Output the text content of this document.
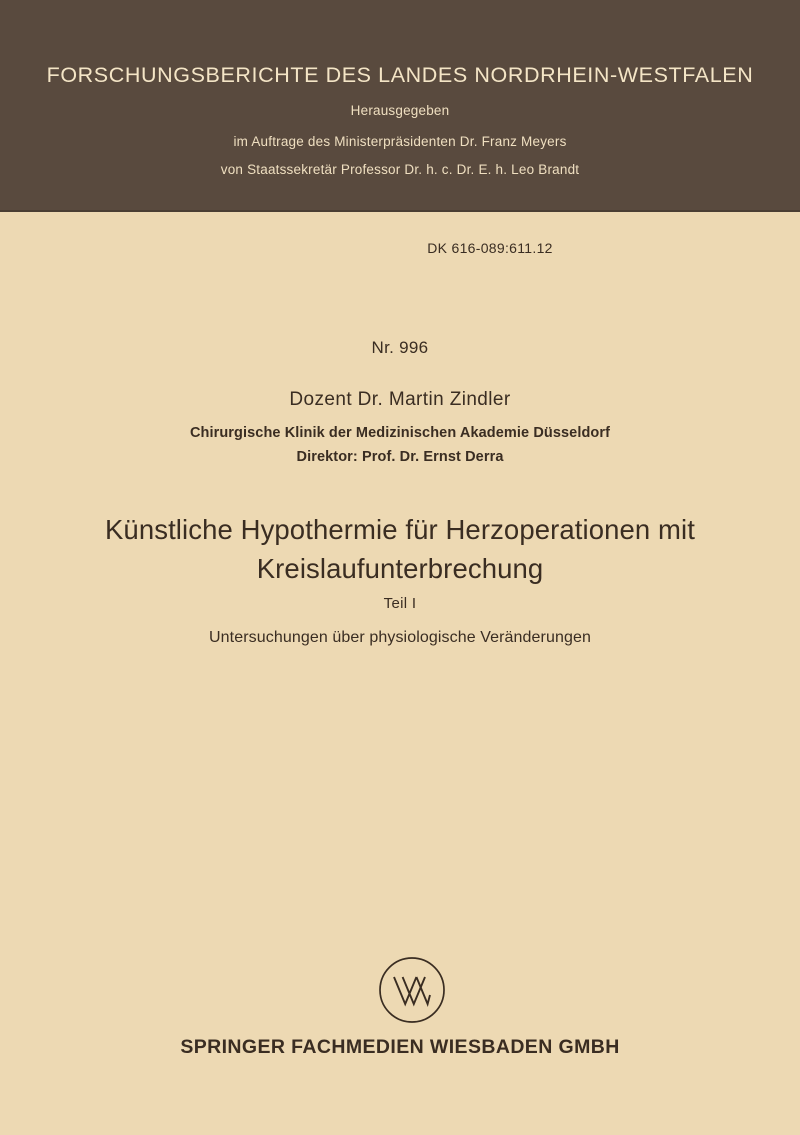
FORSCHUNGSBERICHTE DES LANDES NORDRHEIN-WESTFALEN
Herausgegeben
im Auftrage des Ministerpräsidenten Dr. Franz Meyers
von Staatssekretär Professor Dr. h. c. Dr. E. h. Leo Brandt
DK 616-089:611.12
Nr. 996
Dozent Dr. Martin Zindler
Chirurgische Klinik der Medizinischen Akademie Düsseldorf
Direktor: Prof. Dr. Ernst Derra
Künstliche Hypothermie für Herzoperationen mit
Kreislaufunterbrechung
Teil I
Untersuchungen über physiologische Veränderungen
SPRINGER FACHMEDIEN WIESBADEN GMBH
